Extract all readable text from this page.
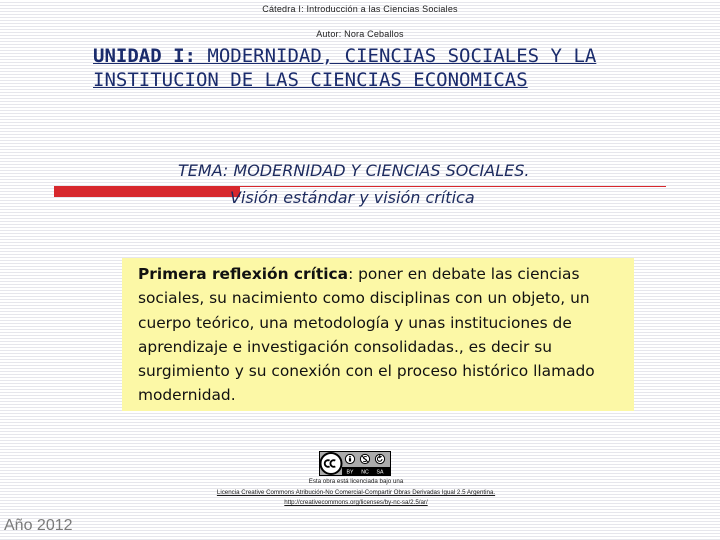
Cátedra I: Introducción a las Ciencias Sociales
Autor: Nora Ceballos
UNIDAD I: MODERNIDAD, CIENCIAS SOCIALES Y LA INSTITUCION DE LAS CIENCIAS ECONOMICAS
TEMA: MODERNIDAD Y CIENCIAS SOCIALES.
Visión estándar y visión crítica
Primera reflexión crítica: poner en debate las ciencias sociales, su nacimiento como disciplinas con un objeto, un cuerpo teórico, una metodología y unas instituciones de aprendizaje e investigación consolidadas., es decir su surgimiento y su conexión con el proceso histórico llamado modernidad.
BY NC SA
Esta obra está licenciada bajo una
Licencia Creative Commons Atribución-No Comercial-Compartir Obras Derivadas Igual 2.5 Argentina.
http://creativecommons.org/licenses/by-nc-sa/2.5/ar/
Año 2012
